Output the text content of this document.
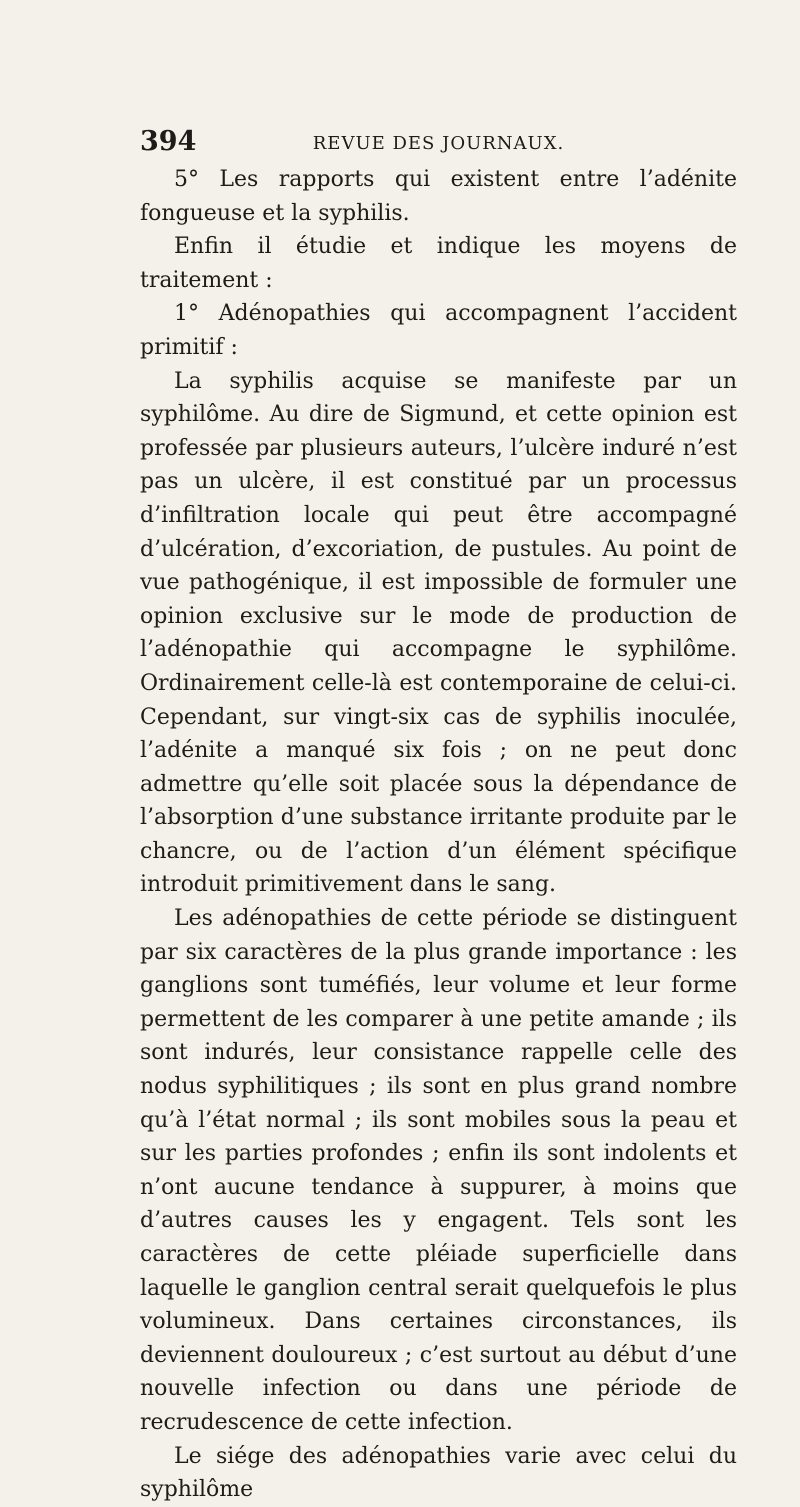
394	REVUE DES JOURNAUX.

5° Les rapports qui existent entre l’adénite fongueuse et la syphilis.

Enfin il étudie et indique les moyens de traitement :

1° Adénopathies qui accompagnent l’accident primitif :

La syphilis acquise se manifeste par un syphilôme. Au dire de Sigmund, et cette opinion est professée par plusieurs auteurs, l’ulcère induré n’est pas un ulcère, il est constitué par un processus d’infiltration locale qui peut être accompagné d’ulcération, d’excoriation, de pustules. Au point de vue pathogénique, il est impossible de formuler une opinion exclusive sur le mode de production de l’adénopathie qui accompagne le syphilôme. Ordinairement celle-là est contemporaine de celui-ci. Cependant, sur vingt-six cas de syphilis inoculée, l’adénite a manqué six fois ; on ne peut donc admettre qu’elle soit placée sous la dépendance de l’absorption d’une substance irritante produite par le chancre, ou de l’action d’un élément spécifique introduit primitivement dans le sang.

Les adénopathies de cette période se distinguent par six caractères de la plus grande importance : les ganglions sont tuméfiés, leur volume et leur forme permettent de les comparer à une petite amande ; ils sont indurés, leur consistance rappelle celle des nodus syphilitiques ; ils sont en plus grand nombre qu’à l’état normal ; ils sont mobiles sous la peau et sur les parties profondes ; enfin ils sont indolents et n’ont aucune tendance à suppurer, à moins que d’autres causes les y engagent. Tels sont les caractères de cette pléiade superficielle dans laquelle le ganglion central serait quelquefois le plus volumineux. Dans certaines circonstances, ils deviennent douloureux ; c’est surtout au début d’une nouvelle infection ou dans une période de recrudescence de cette infection.

Le siége des adénopathies varie avec celui du syphilôme
